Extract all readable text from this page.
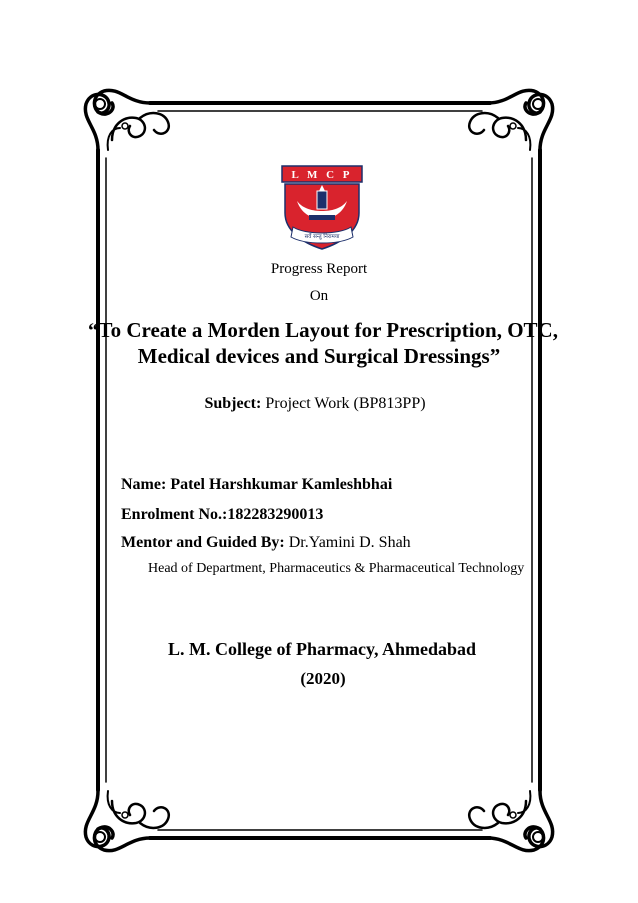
L M C P
सर्वे सन्तु निरामया
Progress Report
On
“To Create a Morden Layout for Prescription, OTC,
Medical devices and Surgical Dressings”
Subject: Project Work (BP813PP)
Name: Patel Harshkumar Kamleshbhai
Enrolment No.:182283290013
Mentor and Guided By: Dr.Yamini D. Shah
Head of Department, Pharmaceutics & Pharmaceutical Technology
L. M. College of Pharmacy, Ahmedabad
(2020)
